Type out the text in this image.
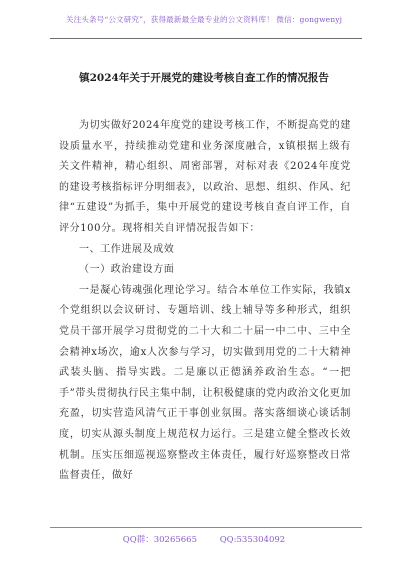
关注头条号“公文研究”，获得最新最全最专业的公文资料库！ 微信：gongwenyj
镇2024年关于开展党的建设考核自查工作的情况报告

为切实做好2024年度党的建设考核工作，不断提高党的建设质量水平，持续推动党建和业务深度融合，x镇根据上级有关文件精神，精心组织、周密部署，对标对表《2024年度党的建设考核指标评分明细表》，以政治、思想、组织、作风、纪律“五建设”为抓手，集中开展党的建设考核自查自评工作，自评分100分。现将相关自评情况报告如下：

一、工作进展及成效

（一）政治建设方面

一是凝心铸魂强化理论学习。结合本单位工作实际，我镇x个党组织以会议研讨、专题培训、线上辅导等多种形式，组织党员干部开展学习贯彻党的二十大和二十届一中二中、三中全会精神x场次，逾x人次参与学习，切实做到用党的二十大精神武装头脑、指导实践。二是廉以正德涵养政治生态。“一把手”带头贯彻执行民主集中制，让积极健康的党内政治文化更加充盈，切实营造风清气正干事创业氛围。落实落细谈心谈话制度，切实从源头制度上规范权力运行。三是建立健全整改长效机制。压实压细巡视巡察整改主体责任，履行好巡察整改日常监督责任，做好

QQ群：30265665	QQ:535304092
